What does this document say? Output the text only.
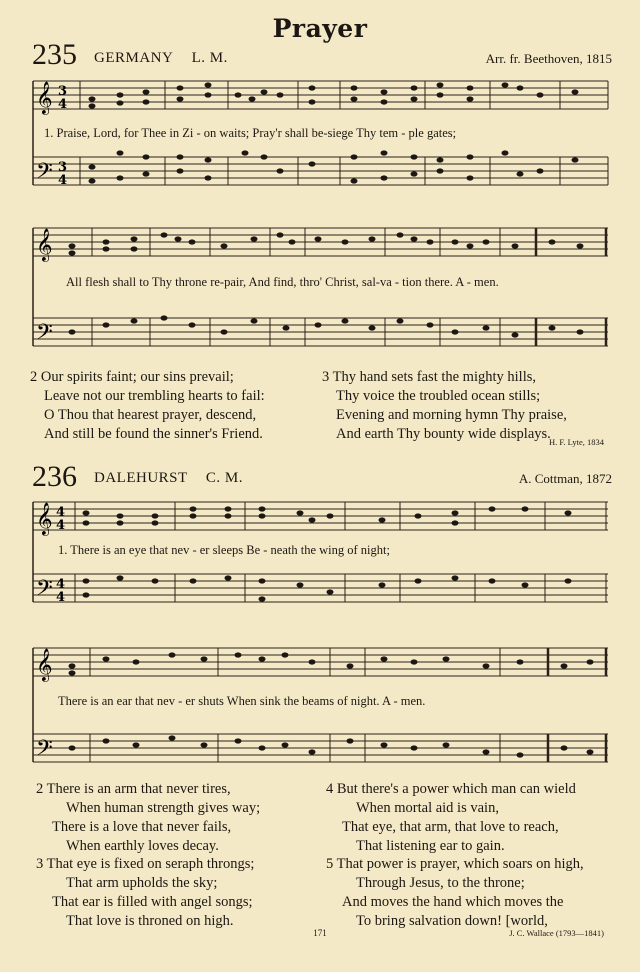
Prayer
235 GERMANY L. M.	Arr. fr. Beethoven, 1815
𝄞
𝄢
3
4
3
4
1. Praise, Lord, for Thee in Zi - on waits; Pray'r shall be-siege Thy tem - ple gates;
𝄞
𝄢
All flesh shall to Thy throne re-pair, And find, thro' Christ, sal-va - tion there. A - men.
2 Our spirits faint; our sins prevail;
Leave not our trembling hearts to fail:
O Thou that hearest prayer, descend,
And still be found the sinner's Friend.
3 Thy hand sets fast the mighty hills,
Thy voice the troubled ocean stills;
Evening and morning hymn Thy praise,
And earth Thy bounty wide displays.
H. F. Lyte, 1834
236 DALEHURST C. M.	A. Cottman, 1872
𝄞
𝄢
4
4
4
4
1. There is an eye that nev - er sleeps Be - neath the wing of night;
𝄞
𝄢
There is an ear that nev - er shuts When sink the beams of night. A - men.
2 There is an arm that never tires,
When human strength gives way;
There is a love that never fails,
When earthly loves decay.
4 But there's a power which man can wield
When mortal aid is vain,
That eye, that arm, that love to reach,
That listening ear to gain.
3 That eye is fixed on seraph throngs;
That arm upholds the sky;
That ear is filled with angel songs;
That love is throned on high.
5 That power is prayer, which soars on high,
Through Jesus, to the throne;
And moves the hand which moves the
To bring salvation down! [world,
171	J. C. Wallace (1793—1841)
